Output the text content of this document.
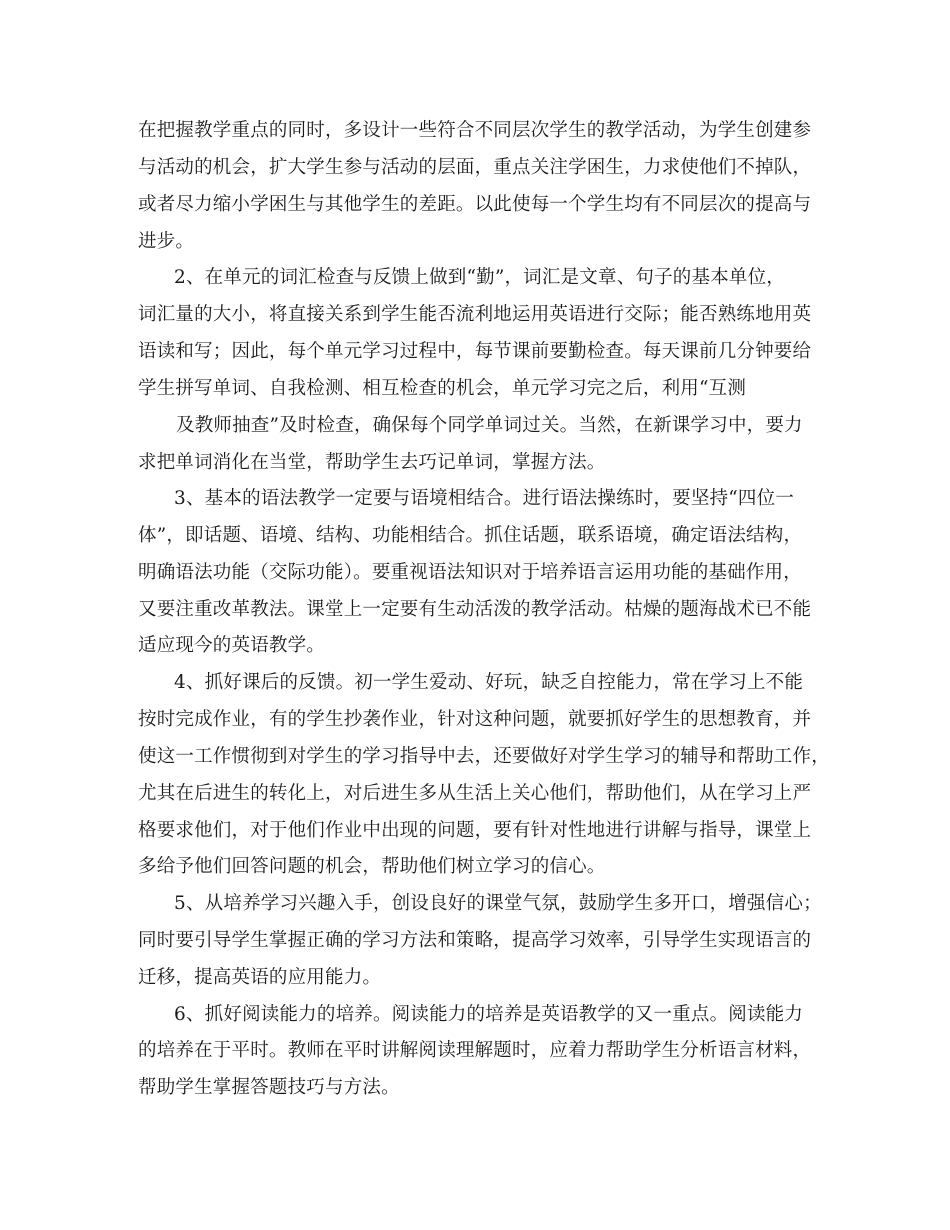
在把握教学重点的同时，多设计一些符合不同层次学生的教学活动，为学生创建参
与活动的机会，扩大学生参与活动的层面，重点关注学困生，力求使他们不掉队，
或者尽力缩小学困生与其他学生的差距。以此使每一个学生均有不同层次的提高与
进步。
2、在单元的词汇检查与反馈上做到“勤”，词汇是文章、句子的基本单位，
词汇量的大小，将直接关系到学生能否流利地运用英语进行交际；能否熟练地用英
语读和写；因此，每个单元学习过程中，每节课前要勤检查。每天课前几分钟要给
学生拼写单词、自我检测、相互检查的机会，单元学习完之后，利用“互测
及教师抽查”及时检查，确保每个同学单词过关。当然，在新课学习中，要力
求把单词消化在当堂，帮助学生去巧记单词，掌握方法。
3、基本的语法教学一定要与语境相结合。进行语法操练时，要坚持“四位一
体”，即话题、语境、结构、功能相结合。抓住话题，联系语境，确定语法结构，
明确语法功能（交际功能）。要重视语法知识对于培养语言运用功能的基础作用，
又要注重改革教法。课堂上一定要有生动活泼的教学活动。枯燥的题海战术已不能
适应现今的英语教学。
4、抓好课后的反馈。初一学生爱动、好玩，缺乏自控能力，常在学习上不能
按时完成作业，有的学生抄袭作业，针对这种问题，就要抓好学生的思想教育，并
使这一工作惯彻到对学生的学习指导中去，还要做好对学生学习的辅导和帮助工作，
尤其在后进生的转化上，对后进生多从生活上关心他们，帮助他们，从在学习上严
格要求他们，对于他们作业中出现的问题，要有针对性地进行讲解与指导，课堂上
多给予他们回答问题的机会，帮助他们树立学习的信心。
5、从培养学习兴趣入手，创设良好的课堂气氛，鼓励学生多开口，增强信心；
同时要引导学生掌握正确的学习方法和策略，提高学习效率，引导学生实现语言的
迁移，提高英语的应用能力。
6、抓好阅读能力的培养。阅读能力的培养是英语教学的又一重点。阅读能力
的培养在于平时。教师在平时讲解阅读理解题时，应着力帮助学生分析语言材料，
帮助学生掌握答题技巧与方法。
